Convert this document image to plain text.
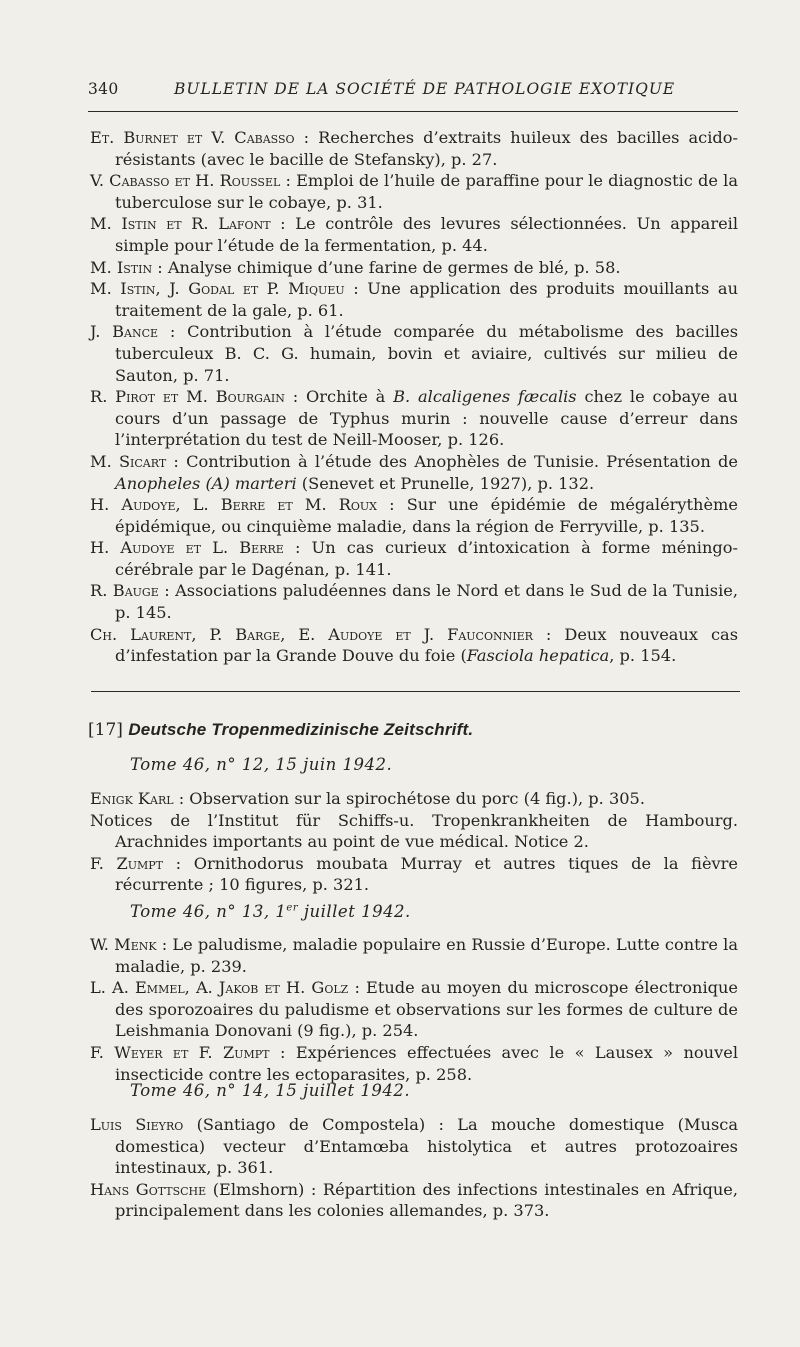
340	BULLETIN DE LA SOCIÉTÉ DE PATHOLOGIE EXOTIQUE
Et. Burnet et V. Cabasso : Recherches d’extraits huileux des bacilles acido-résistants (avec le bacille de Stefansky), p. 27.
V. Cabasso et H. Roussel : Emploi de l’huile de paraffine pour le diagnostic de la tuberculose sur le cobaye, p. 31.
M. Istin et R. Lafont : Le contrôle des levures sélectionnées. Un appareil simple pour l’étude de la fermentation, p. 44.
M. Istin : Analyse chimique d’une farine de germes de blé, p. 58.
M. Istin, J. Godal et P. Miqueu : Une application des produits mouillants au traitement de la gale, p. 61.
J. Bance : Contribution à l’étude comparée du métabolisme des bacilles tuberculeux B. C. G. humain, bovin et aviaire, cultivés sur milieu de Sauton, p. 71.
R. Pirot et M. Bourgain : Orchite à B. alcaligenes fæcalis chez le cobaye au cours d’un passage de Typhus murin : nouvelle cause d’erreur dans l’interprétation du test de Neill-Mooser, p. 126.
M. Sicart : Contribution à l’étude des Anophèles de Tunisie. Présentation de Anopheles (A) marteri (Senevet et Prunelle, 1927), p. 132.
H. Audoye, L. Berre et M. Roux : Sur une épidémie de mégalérythème épidémique, ou cinquième maladie, dans la région de Ferryville, p. 135.
H. Audoye et L. Berre : Un cas curieux d’intoxication à forme méningo-cérébrale par le Dagénan, p. 141.
R. Bauge : Associations paludéennes dans le Nord et dans le Sud de la Tunisie, p. 145.
Ch. Laurent, P. Barge, E. Audoye et J. Fauconnier : Deux nouveaux cas d’infestation par la Grande Douve du foie (Fasciola hepatica, p. 154.
[17] Deutsche Tropenmedizinische Zeitschrift.
Tome 46, n° 12, 15 juin 1942.
Enigk Karl : Observation sur la spirochétose du porc (4 fig.), p. 305.
Notices de l’Institut für Schiffs-u. Tropenkrankheiten de Hambourg. Arachnides importants au point de vue médical. Notice 2.
F. Zumpt : Ornithodorus moubata Murray et autres tiques de la fièvre récurrente ; 10 figures, p. 321.
Tome 46, n° 13, 1er juillet 1942.
W. Menk : Le paludisme, maladie populaire en Russie d’Europe. Lutte contre la maladie, p. 239.
L. A. Emmel, A. Jakob et H. Golz : Etude au moyen du microscope électronique des sporozoaires du paludisme et observations sur les formes de culture de Leishmania Donovani (9 fig.), p. 254.
F. Weyer et F. Zumpt : Expériences effectuées avec le « Lausex » nouvel insecticide contre les ectoparasites, p. 258.
Tome 46, n° 14, 15 juillet 1942.
Luis Sieyro (Santiago de Compostela) : La mouche domestique (Musca domestica) vecteur d’Entamœba histolytica et autres protozoaires intestinaux, p. 361.
Hans Gottsche (Elmshorn) : Répartition des infections intestinales en Afrique, principalement dans les colonies allemandes, p. 373.
